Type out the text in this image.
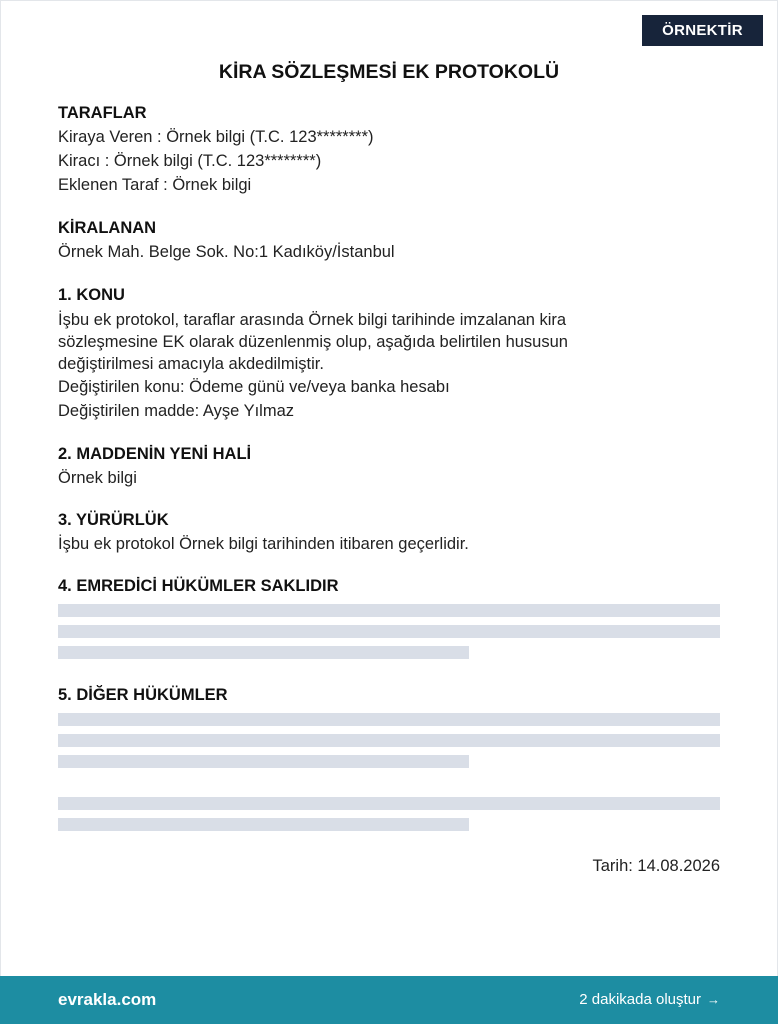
ÖRNEKTİR
KİRA SÖZLEŞMESİ EK PROTOKOLÜ
TARAFLAR
Kiraya Veren : Örnek bilgi (T.C. 123********)
Kiracı : Örnek bilgi (T.C. 123********)
Eklenen Taraf : Örnek bilgi
KİRALANAN
Örnek Mah. Belge Sok. No:1 Kadıköy/İstanbul
1. KONU
İşbu ek protokol, taraflar arasında Örnek bilgi tarihinde imzalanan kira sözleşmesine EK olarak düzenlenmiş olup, aşağıda belirtilen hususun değiştirilmesi amacıyla akdedilmiştir.
Değiştirilen konu: Ödeme günü ve/veya banka hesabı
Değiştirilen madde: Ayşe Yılmaz
2. MADDENİN YENİ HALİ
Örnek bilgi
3. YÜRÜRLÜK
İşbu ek protokol Örnek bilgi tarihinden itibaren geçerlidir.
4. EMREDİCİ HÜKÜMLER SAKLIDIR
5. DİĞER HÜKÜMLER
Tarih: 14.08.2026
evrakla.com	2 dakikada oluştur →
